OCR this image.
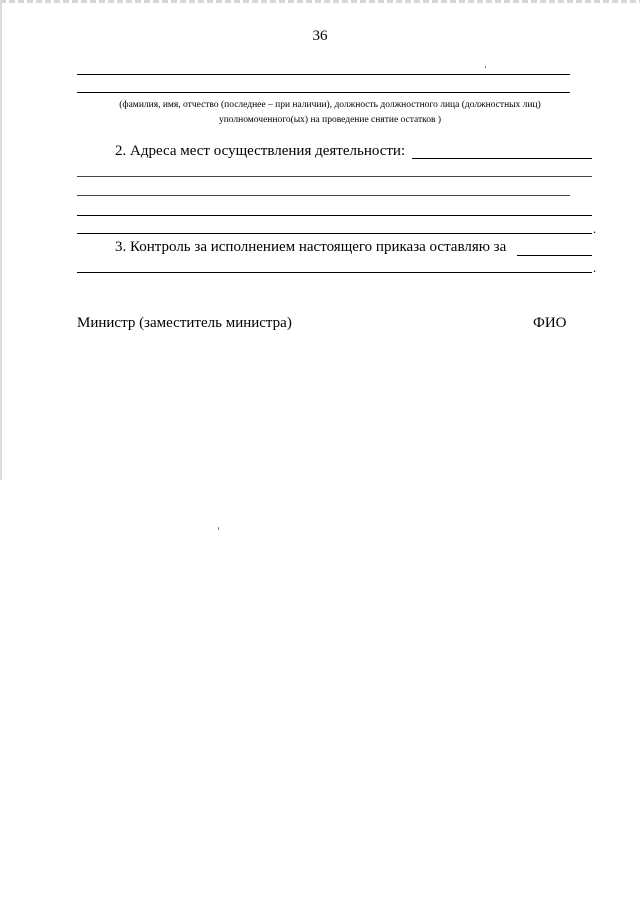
36
(фамилия, имя, отчество (последнее – при наличии), должность должностного лица (должностных лиц)
уполномоченного(ых) на проведение снятие остатков )
2. Адреса мест осуществления деятельности:
.
3. Контроль за исполнением настоящего приказа оставляю за
.
Министр (заместитель министра)	ФИО
